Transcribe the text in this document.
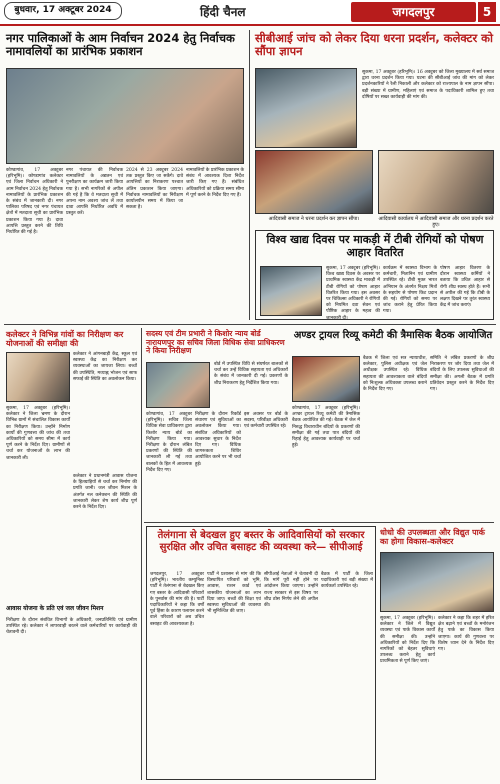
बुधवार, 17 अक्टूबर 2024	हिंदी चैनल	जगदलपुर	5
नगर पालिकाओं के आम निर्वाचन 2024 हेतु निर्वाचक नामावलियों का प्रारंभिक प्रकाशन
कोण्डागांव, 17 अक्टूबर (हरिभूमि)। कोण्डागांव कलेक्टर एवं जिला निर्वाचन अधिकारी ने आम निर्वाचन 2024 हेतु निर्वाचक नामावलियों के प्रारंभिक प्रकाशन के संबंध में जानकारी दी। नगर पालिका परिषद एवं नगर पंचायत क्षेत्रों में मतदाता सूची का प्रारंभिक प्रकाशन किया गया है। दावा आपत्ति प्रस्तुत करने की तिथि निर्धारित की गई है।
नगर पंचायत की निर्वाचक नामावलियों के अद्यतन एवं पुनरीक्षण का कार्यक्रम जारी किया गया है। सभी नागरिकों से अपील की गई है कि वे मतदाता सूची में अपना नाम अवश्य जांच लें तथा दावा आपत्ति निर्धारित अवधि में प्रस्तुत करें।
2024 से 23 अक्टूबर 2024 तक प्रस्तुत किए जा सकेंगे। दावे आपत्तियों का निराकरण पश्चात अंतिम प्रकाशन किया जाएगा। निर्वाचक नामावलियों का निरीक्षण कार्यालयीन समय में किया जा सकता है।
नामावलियों के प्रारंभिक प्रकाशन के संबंध में आवश्यक दिशा निर्देश जारी किए गए हैं। संबंधित अधिकारियों को प्रक्रिया समय सीमा में पूर्ण करने के निर्देश दिए गए हैं।
सीबीआई जांच को लेकर दिया धरना प्रदर्शन, कलेक्टर को सौंपा ज्ञापन
सुकमा, 17 अक्टूबर (हरिभूमि)। 16 अक्टूबर को जिला मुख्यालय में सर्व समाज द्वारा धरना प्रदर्शन किया गया। घटना की सीबीआई जांच की मांग को लेकर प्रदर्शनकारियों ने रैली निकाली और कलेक्टर को राज्यपाल के नाम ज्ञापन सौंपा। बड़ी संख्या में ग्रामीण, महिलाएं एवं समाज के पदाधिकारी शामिल हुए तथा दोषियों पर सख्त कार्यवाही की मांग की।
आदिवासी समाज ने धरना प्रदर्शन कर ज्ञापन सौंपा।	आदिवासी कार्यालय में आदिवासी समाज और धरना प्रदर्शन करते हुए।
विश्व खाद्य दिवस पर माकड़ी में टीबी रोगियों को पोषण आहार वितरित
सुकमा, 17 अक्टूबर (हरिभूमि)। विश्व खाद्य दिवस के अवसर पर प्राथमिक स्वास्थ्य केंद्र माकड़ी में टीबी रोगियों को पोषण आहार वितरित किया गया। इस अवसर पर चिकित्सा अधिकारी ने रोगियों को नियमित दवा सेवन एवं पौष्टिक आहार के महत्व की जानकारी दी।
कार्यक्रम में स्वास्थ्य विभाग के कर्मचारी, मितानिन एवं ग्रामीण उपस्थित रहे। टीबी मुक्त भारत अभियान के अंतर्गत निक्षय मित्रों के सहयोग से पोषण किट प्रदान की गई। रोगियों को समय पर जांच कराने हेतु प्रेरित किया गया।
पोषण आहार वितरण के दौरान स्वास्थ्य कर्मियों ने बताया कि उचित आहार से रोगी शीघ्र स्वस्थ होते हैं। सभी से अपील की गई कि टीबी के लक्षण दिखने पर तुरंत स्वास्थ्य केंद्र में जांच कराएं।
कलेक्टर ने विभिन्न गांवों का निरीक्षण कर योजनाओं की समीक्षा की
सुकमा, 17 अक्टूबर (हरिभूमि)। कलेक्टर ने जिला भ्रमण के दौरान विभिन्न ग्रामों में संचालित विकास कार्यों का निरीक्षण किया। उन्होंने निर्माण कार्यों की गुणवत्ता की जांच की तथा अधिकारियों को समय सीमा में कार्य पूर्ण करने के निर्देश दिए। ग्रामीणों से चर्चा कर योजनाओं के लाभ की जानकारी ली।
कलेक्टर ने आंगनबाड़ी केंद्र, स्कूल एवं स्वास्थ्य केंद्र का निरीक्षण कर व्यवस्थाओं का जायजा लिया। बच्चों की उपस्थिति, मध्याह्न भोजन एवं साफ सफाई की स्थिति का अवलोकन किया।
आवास योजना के प्रति एवं जल जीवन मिशन
कलेक्टर ने प्रधानमंत्री आवास योजना के हितग्राहियों से चर्चा कर निर्माण की प्रगति जानी। जल जीवन मिशन के अंतर्गत नल कनेक्शन की स्थिति की जानकारी लेकर शेष कार्य शीघ्र पूर्ण करने के निर्देश दिए।
निरीक्षण के दौरान संबंधित विभागों के अधिकारी, जनप्रतिनिधि एवं ग्रामीण उपस्थित रहे। कलेक्टर ने लापरवाही बरतने वाले कर्मचारियों पर कार्यवाही की चेतावनी दी।
सदस्य एवं टीम प्रभारी ने किशोर न्याय बोर्ड नारायणपुर का सचिव जिला विधिक सेवा प्राधिकरण ने किया निरीक्षण
कोण्डागांव, 17 अक्टूबर (हरिभूमि)। सचिव जिला विधिक सेवा प्राधिकरण द्वारा किशोर न्याय बोर्ड का निरीक्षण किया गया। निरीक्षण के दौरान लंबित प्रकरणों की स्थिति की जानकारी ली गई तथा बालकों के हित में आवश्यक निर्देश दिए गए।
बोर्ड में उपस्थित विधि से संघर्षरत बालकों से चर्चा कर उन्हें विधिक सहायता एवं अधिकारों के संबंध में जानकारी दी गई। प्रकरणों के शीघ्र निराकरण हेतु निर्देशित किया गया।
निरीक्षण के दौरान रिकॉर्ड संधारण एवं सुविधाओं का अवलोकन किया गया। संबंधित अधिकारियों को आवश्यक सुधार के निर्देश दिए गए। विधिक जागरूकता शिविर आयोजित करने पर भी चर्चा हुई।
इस अवसर पर बोर्ड के सदस्य, परिवीक्षा अधिकारी एवं कर्मचारी उपस्थित रहे।
अण्डर ट्रायल रिव्यू कमेटी की त्रैमासिक बैठक आयोजित
कोण्डागांव, 17 अक्टूबर (हरिभूमि)। अण्डर ट्रायल रिव्यू कमेटी की त्रैमासिक बैठक आयोजित की गई। बैठक में जेल में निरुद्ध विचाराधीन बंदियों के प्रकरणों की समीक्षा की गई तथा पात्र बंदियों की रिहाई हेतु आवश्यक कार्यवाही पर चर्चा हुई।
बैठक में जिला एवं सत्र न्यायाधीश, कलेक्टर, पुलिस अधीक्षक एवं जेल अधीक्षक उपस्थित रहे। विधिक सहायता की आवश्यकता वाले बंदियों को निःशुल्क अधिवक्ता उपलब्ध कराने के निर्देश दिए गए।
समिति ने लंबित प्रकरणों के शीघ्र निराकरण पर जोर दिया तथा जेल में बंदियों के लिए उपलब्ध सुविधाओं की समीक्षा की। अगली बैठक में प्रगति प्रतिवेदन प्रस्तुत करने के निर्देश दिए गए।
तेलंगाना से बेदखल हुए बस्तर के आदिवासियों को सरकार सुरक्षित और उचित बसाहट की व्यवस्था करे— सीपीआई
जगदलपुर, 17 अक्टूबर (हरिभूमि)। भारतीय कम्युनिस्ट पार्टी ने तेलंगाना से बेदखल किए गए बस्तर के आदिवासी परिवारों के पुनर्वास की मांग की है। पार्टी पदाधिकारियों ने कहा कि वर्षों पूर्व हिंसा के कारण पलायन करने वाले परिवारों को अब उचित बसाहट की आवश्यकता है।
पार्टी ने प्रशासन से मांग की कि विस्थापित परिवारों को भूमि, आवास, राशन कार्ड एवं शासकीय योजनाओं का लाभ दिया जाए। बच्चों की शिक्षा एवं स्वास्थ्य सुविधाओं की व्यवस्था भी सुनिश्चित की जाए।
सीपीआई नेताओं ने चेतावनी दी कि मांगें पूरी नहीं होने पर आंदोलन किया जाएगा। उन्होंने राज्य सरकार से इस विषय पर शीघ्र ठोस निर्णय लेने की अपील की।
बैठक में पार्टी के जिला पदाधिकारी एवं बड़ी संख्या में कार्यकर्ता उपस्थित रहे।
धोधो की उपलब्धता और विद्युत पार्क का होगा विकास-कलेक्टर
सुकमा, 17 अक्टूबर (हरिभूमि)। कलेक्टर ने जिले में विद्युत व्यवस्था एवं पार्क विकास कार्यों की समीक्षा की। उन्होंने अधिकारियों को निर्देश दिए कि नागरिकों को बेहतर सुविधाएं उपलब्ध कराने हेतु कार्य प्राथमिकता से पूर्ण किए जाएं।
कलेक्टर ने कहा कि शहर में हरित क्षेत्र बढ़ाने एवं बच्चों के मनोरंजन हेतु पार्क का विकास किया जाएगा। कार्य की गुणवत्ता पर विशेष ध्यान देने के निर्देश दिए गए।
